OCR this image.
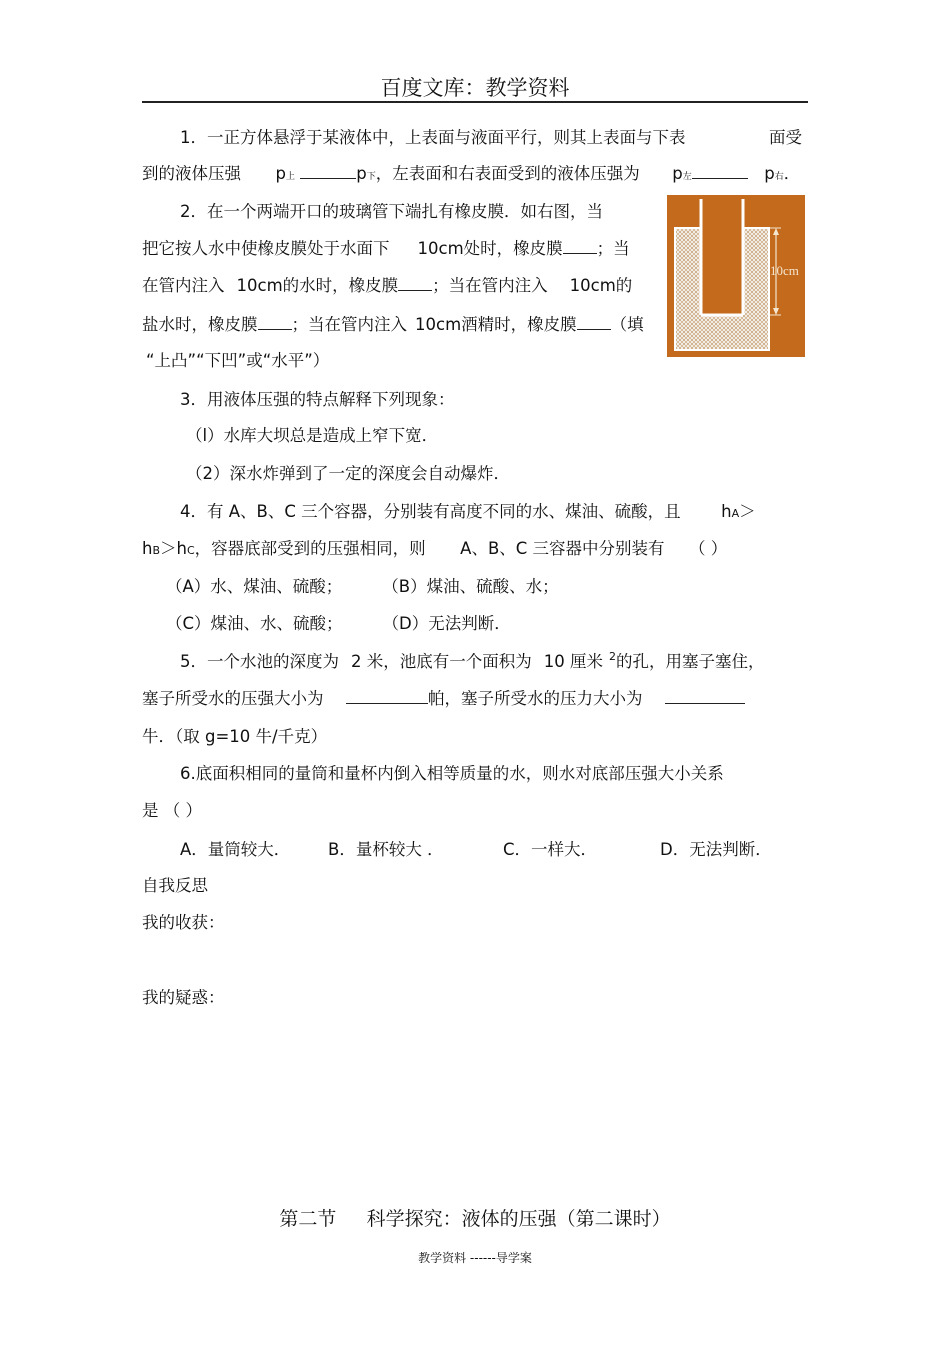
百度文库：教学资料
1．一正方体悬浮于某液体中，上表面与液面平行，则其上表面与下表	面受
到的液体压强 p上	p下，左表面和右表面受到的液体压强为 p左	p右．
2．在一个两端开口的玻璃管下端扎有橡皮膜．如右图，当
把它按人水中使橡皮膜处于水面下 10cm处时，橡皮膜 ；当
在管内注入 10cm的水时，橡皮膜 ；当在管内注入 10cm的
盐水时，橡皮膜 ；当在管内注入 10cm酒精时，橡皮膜 （填
“上凸”“下凹”或“水平”）
10cm
3．用液体压强的特点解释下列现象：
（l）水库大坝总是造成上窄下宽．
（2）深水炸弹到了一定的深度会自动爆炸．
4．有 A、B、C 三个容器，分别装有高度不同的水、煤油、硫酸，且 hA＞
hB＞hC，容器底部受到的压强相同，则 A、B、C 三容器中分别装有 （ ）
（A）水、煤油、硫酸； （B）煤油、硫酸、水；
（C）煤油、水、硫酸； （D）无法判断．
5．一个水池的深度为 2 米，池底有一个面积为 10 厘米 $^2$的孔，用塞子塞住，
塞子所受水的压强大小为	帕，塞子所受水的压力大小为
牛．（取 g=10 牛/千克）
6.底面积相同的量筒和量杯内倒入相等质量的水，则水对底部压强大小关系
是 （ ）
A．量筒较大． B．量杯较大 ．	C．一样大．	D．无法判断．
自我反思
我的收获：
我的疑惑：
第二节     科学探究：液体的压强（第二课时）
教学资料 ------导学案
